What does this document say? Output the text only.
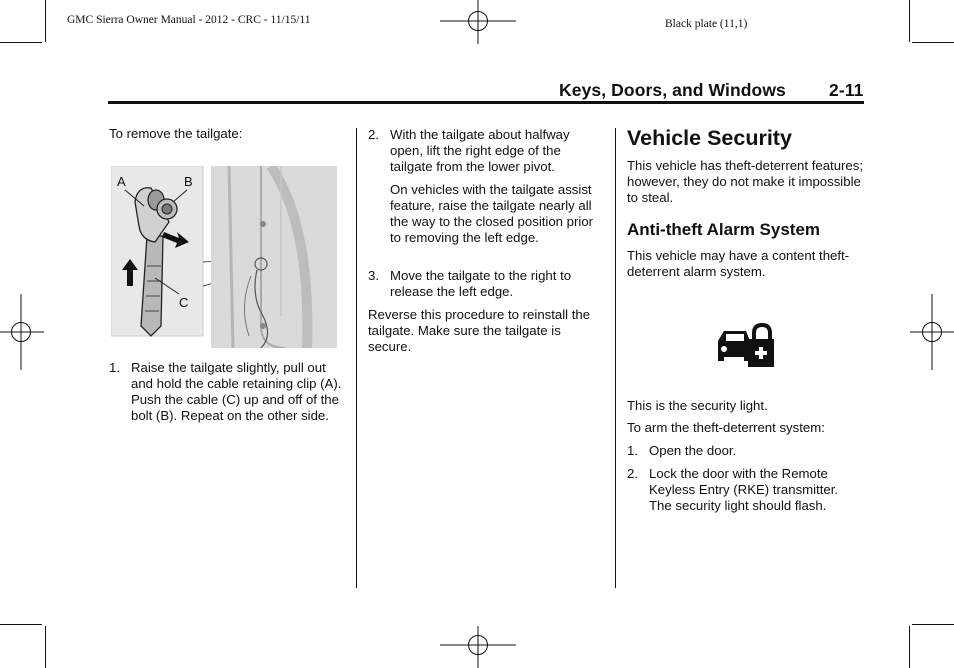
GMC Sierra Owner Manual - 2012 - CRC - 11/15/11	Black plate (11,1)
Keys, Doors, and Windows 2-11

To remove the tailgate:

A	B
C
1. Raise the tailgate slightly, pull out and hold the cable retaining clip (A). Push the cable (C) up and off of the bolt (B). Repeat on the other side.

2. With the tailgate about halfway open, lift the right edge of the tailgate from the lower pivot.

On vehicles with the tailgate assist feature, raise the tailgate nearly all the way to the closed position prior to removing the left edge.

3. Move the tailgate to the right to release the left edge.

Reverse this procedure to reinstall the tailgate. Make sure the tailgate is secure.

Vehicle Security

This vehicle has theft-deterrent features; however, they do not make it impossible to steal.

Anti-theft Alarm System

This vehicle may have a content theft-deterrent alarm system.

This is the security light.

To arm the theft-deterrent system:

1. Open the door.

2. Lock the door with the Remote Keyless Entry (RKE) transmitter. The security light should flash.
